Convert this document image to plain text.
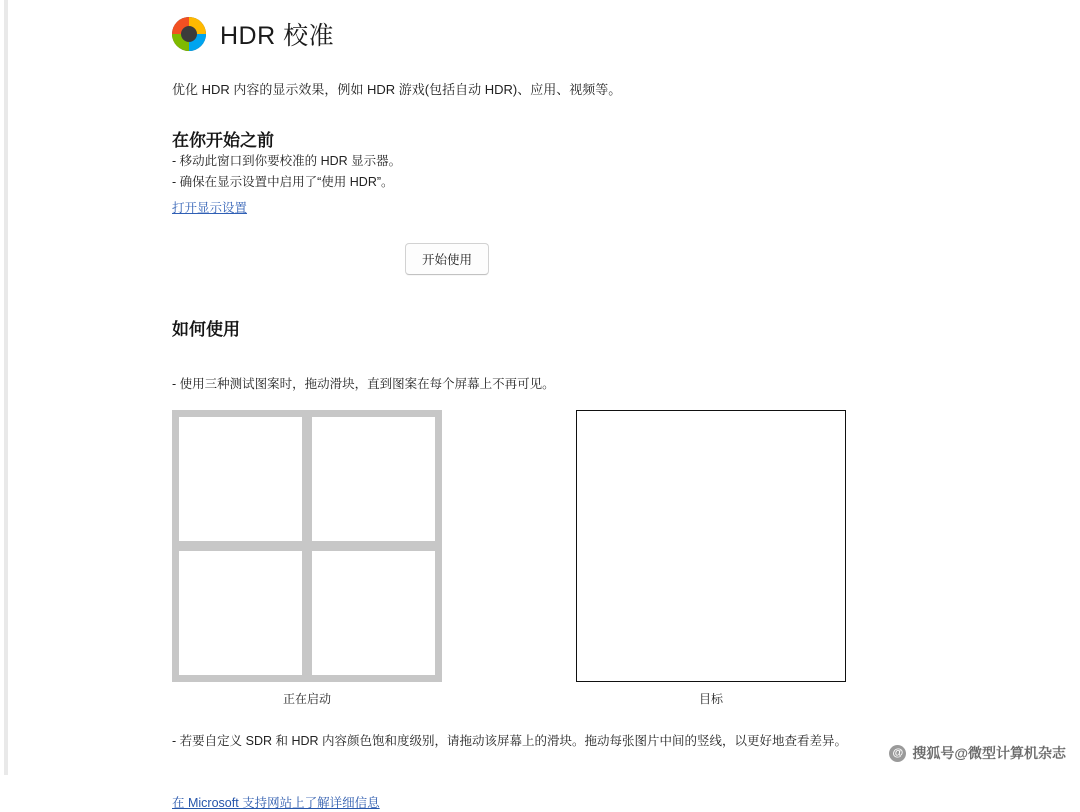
HDR 校准
优化 HDR 内容的显示效果，例如 HDR 游戏(包括自动 HDR)、应用、视频等。
在你开始之前
- 移动此窗口到你要校准的 HDR 显示器。
- 确保在显示设置中启用了“使用 HDR”。
打开显示设置
开始使用
如何使用
- 使用三种测试图案时，拖动滑块，直到图案在每个屏幕上不再可见。
正在启动	目标
- 若要自定义 SDR 和 HDR 内容颜色饱和度级别，请拖动该屏幕上的滑块。拖动每张图片中间的竖线，以更好地查看差异。
在 Microsoft 支持网站上了解详细信息
@ 搜狐号@微型计算机杂志
